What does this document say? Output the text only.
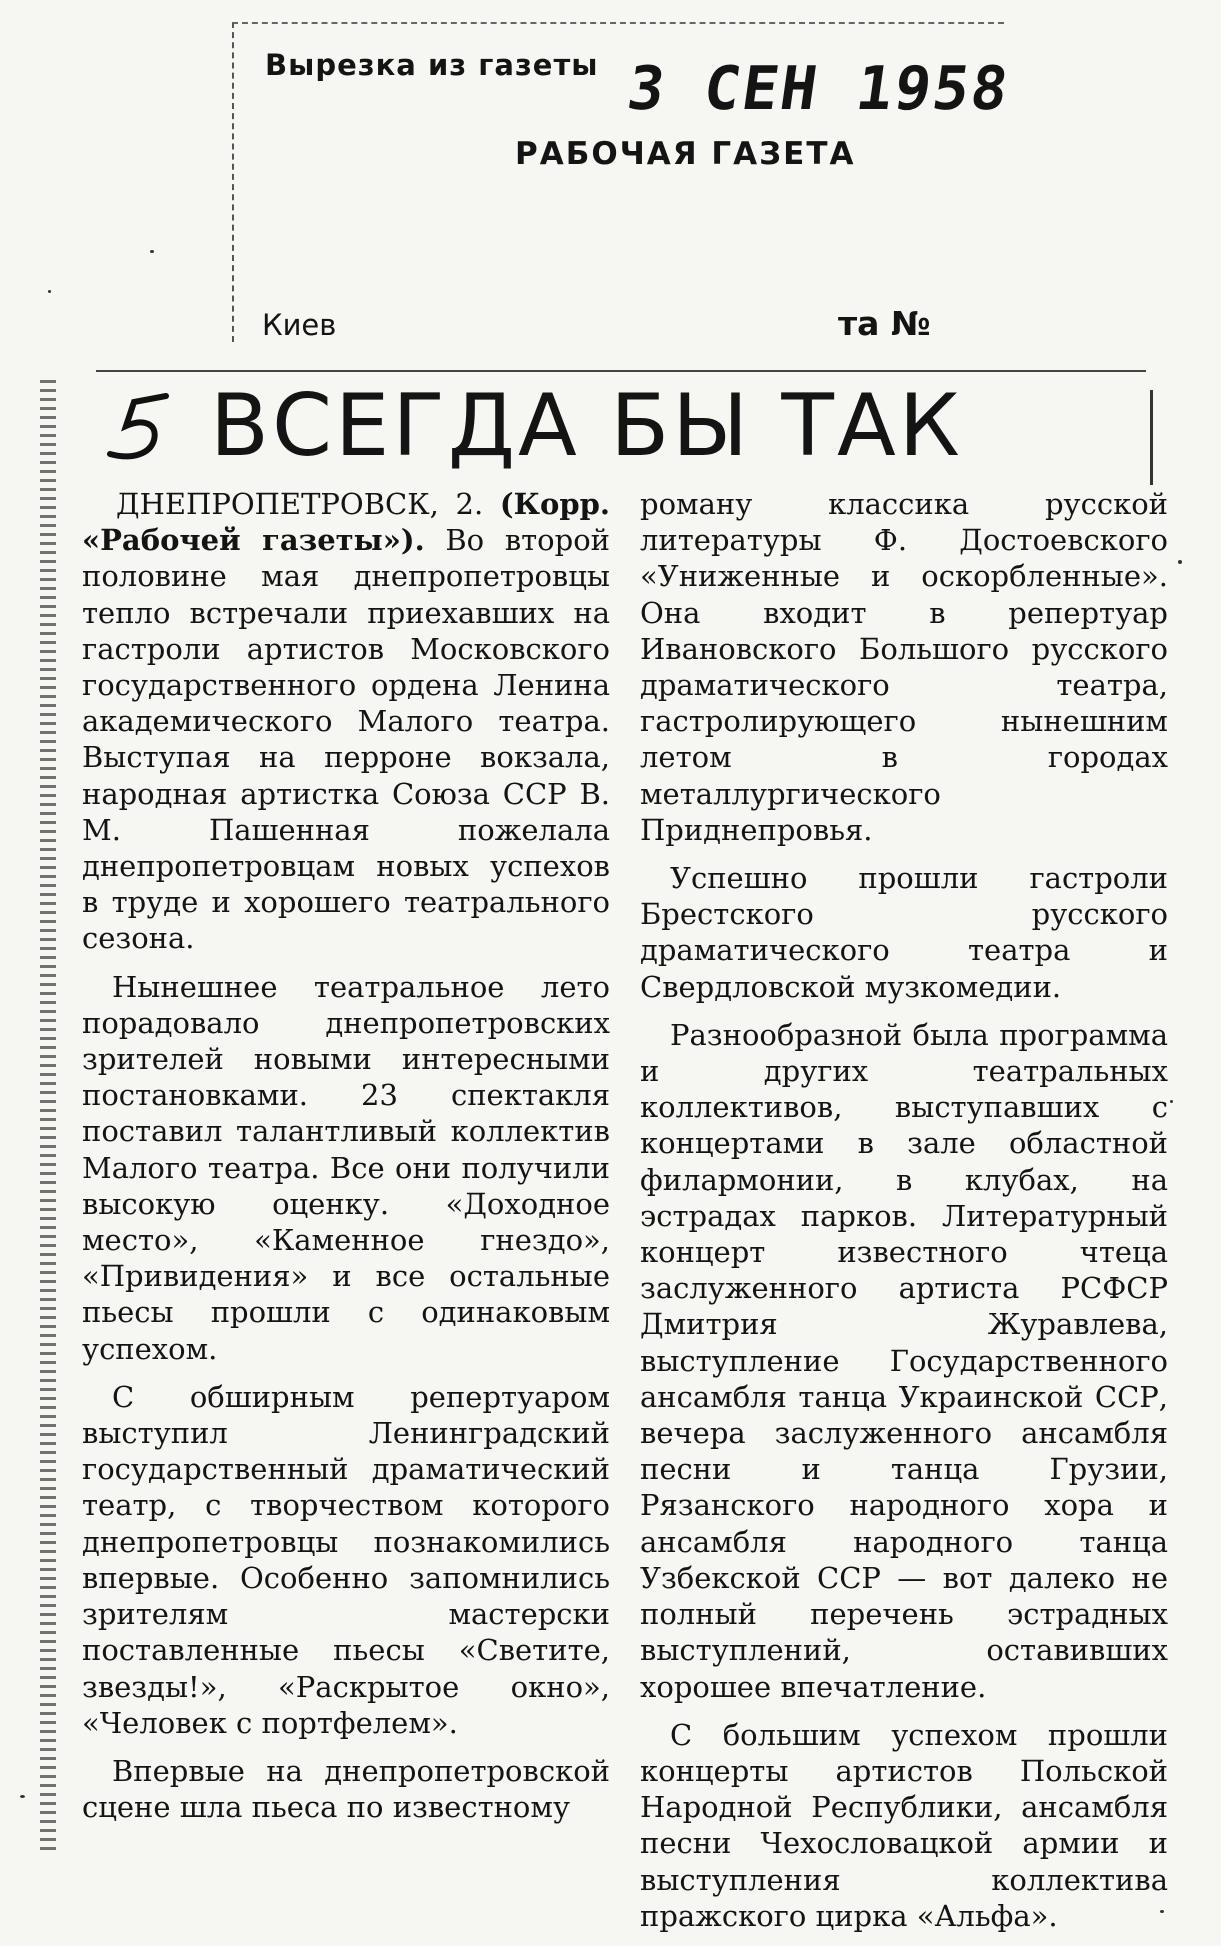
Вырезка из газеты 3 СЕН 1958
РАБОЧАЯ ГАЗЕТА
Киев	та №
ВСЕГДА БЫ ТАК

ДНЕПРОПЕТРОВСК, 2. (Корр. «Рабочей газеты»). Во второй половине мая днепропетровцы тепло встречали приехавших на гастроли артистов Московского государственного ордена Ленина академического Малого театра. Выступая на перроне вокзала, народная артистка Союза ССР В. М. Пашенная пожелала днепропетровцам новых успехов в труде и хорошего театрального сезона.

Нынешнее театральное лето порадовало днепропетровских зрителей новыми интересными постановками. 23 спектакля поставил талантливый коллектив Малого театра. Все они получили высокую оценку. «Доходное место», «Каменное гнездо», «Привидения» и все остальные пьесы прошли с одинаковым успехом.

С обширным репертуаром выступил Ленинградский государственный драматический театр, с творчеством которого днепропетровцы познакомились впервые. Особенно запомнились зрителям мастерски поставленные пьесы «Светите, звезды!», «Раскрытое окно», «Человек с портфелем».

Впервые на днепропетровской сцене шла пьеса по известному

роману классика русской литературы Ф. Достоевского «Униженные и оскорбленные». Она входит в репертуар Ивановского Большого русского драматического театра, гастролирующего нынешним летом в городах металлургического Приднепровья.

Успешно прошли гастроли Брестского русского драматического театра и Свердловской музкомедии.

Разнообразной была программа и других театральных коллективов, выступавших с концертами в зале областной филармонии, в клубах, на эстрадах парков. Литературный концерт известного чтеца заслуженного артиста РСФСР Дмитрия Журавлева, выступление Государственного ансамбля танца Украинской ССР, вечера заслуженного ансамбля песни и танца Грузии, Рязанского народного хора и ансамбля народного танца Узбекской ССР — вот далеко не полный перечень эстрадных выступлений, оставивших хорошее впечатление.

С большим успехом прошли концерты артистов Польской Народной Республики, ансамбля песни Чехословацкой армии и выступления коллектива пражского цирка «Альфа».
